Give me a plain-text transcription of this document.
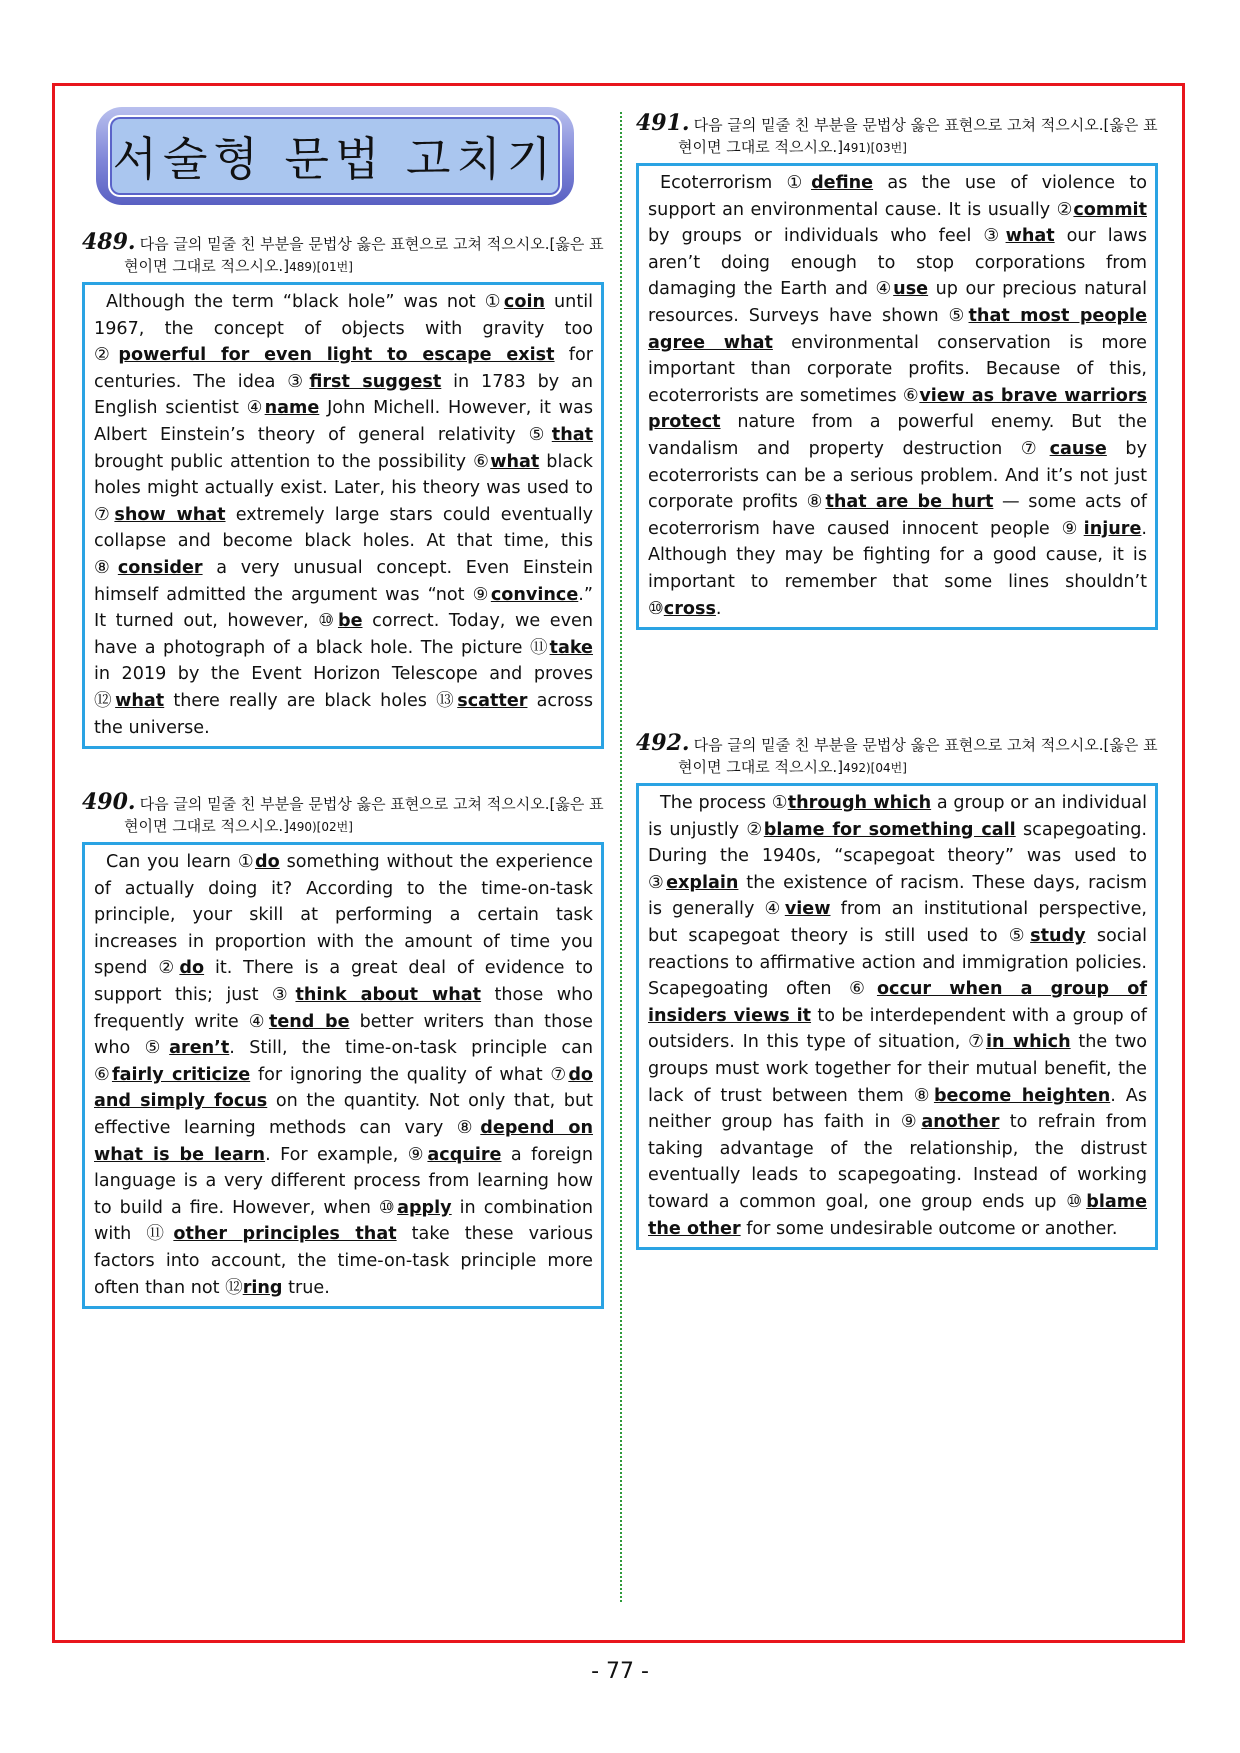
서술형 문법 고치기
489. 다음 글의 밑줄 친 부분을 문법상 옳은 표현으로 고쳐 적으시오.[옳은 표현이면 그대로 적으시오.]489)[01번]

Although the term “black hole” was not ①coin until 1967, the concept of objects with gravity too ②powerful for even light to escape exist for centuries. The idea ③first suggest in 1783 by an English scientist ④name John Michell. However, it was Albert Einstein’s theory of general relativity ⑤that brought public attention to the possibility ⑥what black holes might actually exist. Later, his theory was used to ⑦show what extremely large stars could eventually collapse and become black holes. At that time, this ⑧consider a very unusual concept. Even Einstein himself admitted the argument was “not ⑨convince.” It turned out, however, ⑩be correct. Today, we even have a photograph of a black hole. The picture ⑪take in 2019 by the Event Horizon Telescope and proves ⑫what there really are black holes ⑬scatter across the universe.

490. 다음 글의 밑줄 친 부분을 문법상 옳은 표현으로 고쳐 적으시오.[옳은 표현이면 그대로 적으시오.]490)[02번]

Can you learn ①do something without the experience of actually doing it? According to the time-on-task principle, your skill at performing a certain task increases in proportion with the amount of time you spend ②do it. There is a great deal of evidence to support this; just ③think about what those who frequently write ④tend be better writers than those who ⑤aren’t. Still, the time-on-task principle can ⑥fairly criticize for ignoring the quality of what ⑦do and simply focus on the quantity. Not only that, but effective learning methods can vary ⑧depend on what is be learn. For example, ⑨acquire a foreign language is a very different process from learning how to build a fire. However, when ⑩apply in combination with ⑪other principles that take these various factors into account, the time-on-task principle more often than not ⑫ring true.

491. 다음 글의 밑줄 친 부분을 문법상 옳은 표현으로 고쳐 적으시오.[옳은 표현이면 그대로 적으시오.]491)[03번]

Ecoterrorism ①define as the use of violence to support an environmental cause. It is usually ②commit by groups or individuals who feel ③what our laws aren’t doing enough to stop corporations from damaging the Earth and ④use up our precious natural resources. Surveys have shown ⑤that most people agree what environmental conservation is more important than corporate profits. Because of this, ecoterrorists are sometimes ⑥view as brave warriors protect nature from a powerful enemy. But the vandalism and property destruction ⑦cause by ecoterrorists can be a serious problem. And it’s not just corporate profits ⑧that are be hurt — some acts of ecoterrorism have caused innocent people ⑨injure. Although they may be fighting for a good cause, it is important to remember that some lines shouldn’t ⑩cross.

492. 다음 글의 밑줄 친 부분을 문법상 옳은 표현으로 고쳐 적으시오.[옳은 표현이면 그대로 적으시오.]492)[04번]

The process ①through which a group or an individual is unjustly ②blame for something call scapegoating. During the 1940s, “scapegoat theory” was used to ③explain the existence of racism. These days, racism is generally ④view from an institutional perspective, but scapegoat theory is still used to ⑤study social reactions to affirmative action and immigration policies. Scapegoating often ⑥occur when a group of insiders views it to be interdependent with a group of outsiders. In this type of situation, ⑦in which the two groups must work together for their mutual benefit, the lack of trust between them ⑧become heighten. As neither group has faith in ⑨another to refrain from taking advantage of the relationship, the distrust eventually leads to scapegoating. Instead of working toward a common goal, one group ends up ⑩blame the other for some undesirable outcome or another.

- 77 -
